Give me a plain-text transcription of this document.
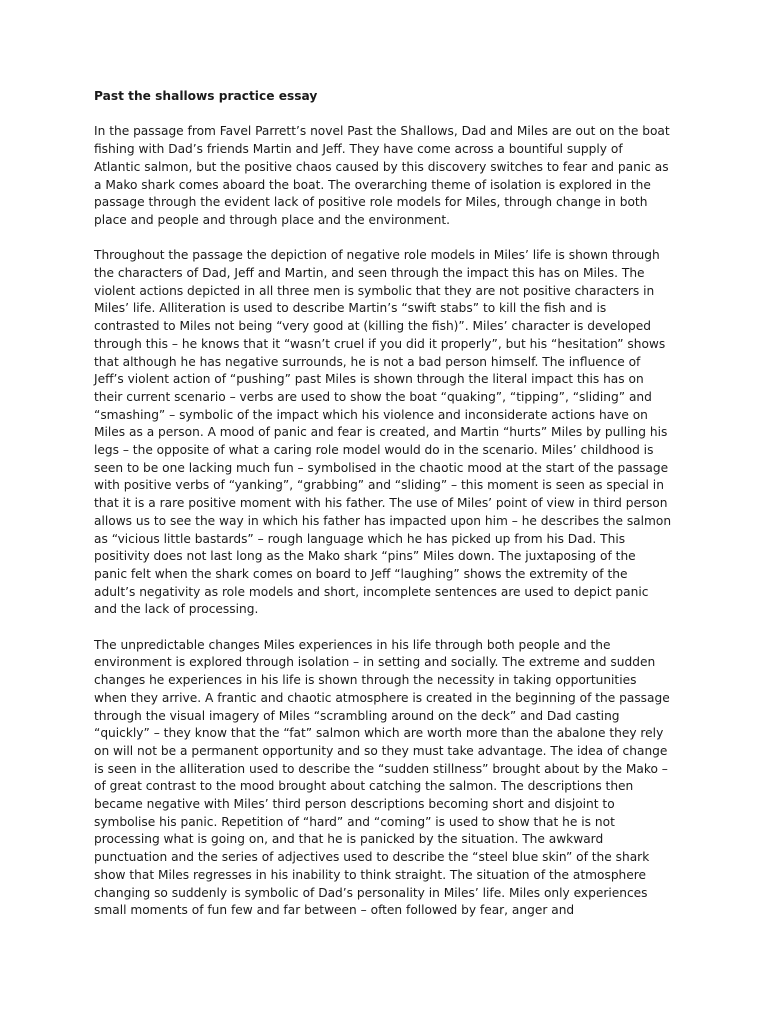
Past the shallows practice essay

In the passage from Favel Parrett’s novel Past the Shallows, Dad and Miles are out on the boat fishing with Dad’s friends Martin and Jeff. They have come across a bountiful supply of Atlantic salmon, but the positive chaos caused by this discovery switches to fear and panic as a Mako shark comes aboard the boat. The overarching theme of isolation is explored in the passage through the evident lack of positive role models for Miles, through change in both place and people and through place and the environment.

Throughout the passage the depiction of negative role models in Miles’ life is shown through the characters of Dad, Jeff and Martin, and seen through the impact this has on Miles. The violent actions depicted in all three men is symbolic that they are not positive characters in Miles’ life. Alliteration is used to describe Martin’s “swift stabs” to kill the fish and is contrasted to Miles not being “very good at (killing the fish)”. Miles’ character is developed through this – he knows that it “wasn’t cruel if you did it properly”, but his “hesitation” shows that although he has negative surrounds, he is not a bad person himself. The influence of Jeff’s violent action of “pushing” past Miles is shown through the literal impact this has on their current scenario – verbs are used to show the boat “quaking”, “tipping”, “sliding” and “smashing” – symbolic of the impact which his violence and inconsiderate actions have on Miles as a person. A mood of panic and fear is created, and Martin “hurts” Miles by pulling his legs – the opposite of what a caring role model would do in the scenario. Miles’ childhood is seen to be one lacking much fun – symbolised in the chaotic mood at the start of the passage with positive verbs of “yanking”, “grabbing” and “sliding” – this moment is seen as special in that it is a rare positive moment with his father. The use of Miles’ point of view in third person allows us to see the way in which his father has impacted upon him – he describes the salmon as “vicious little bastards” – rough language which he has picked up from his Dad. This positivity does not last long as the Mako shark “pins” Miles down. The juxtaposing of the panic felt when the shark comes on board to Jeff “laughing” shows the extremity of the adult’s negativity as role models and short, incomplete sentences are used to depict panic and the lack of processing.

The unpredictable changes Miles experiences in his life through both people and the environment is explored through isolation – in setting and socially. The extreme and sudden changes he experiences in his life is shown through the necessity in taking opportunities when they arrive. A frantic and chaotic atmosphere is created in the beginning of the passage through the visual imagery of Miles “scrambling around on the deck” and Dad casting “quickly” – they know that the “fat” salmon which are worth more than the abalone they rely on will not be a permanent opportunity and so they must take advantage. The idea of change is seen in the alliteration used to describe the “sudden stillness” brought about by the Mako – of great contrast to the mood brought about catching the salmon. The descriptions then became negative with Miles’ third person descriptions becoming short and disjoint to symbolise his panic. Repetition of “hard” and “coming” is used to show that he is not processing what is going on, and that he is panicked by the situation. The awkward punctuation and the series of adjectives used to describe the “steel blue skin” of the shark show that Miles regresses in his inability to think straight. The situation of the atmosphere changing so suddenly is symbolic of Dad’s personality in Miles’ life. Miles only experiences small moments of fun few and far between – often followed by fear, anger and
